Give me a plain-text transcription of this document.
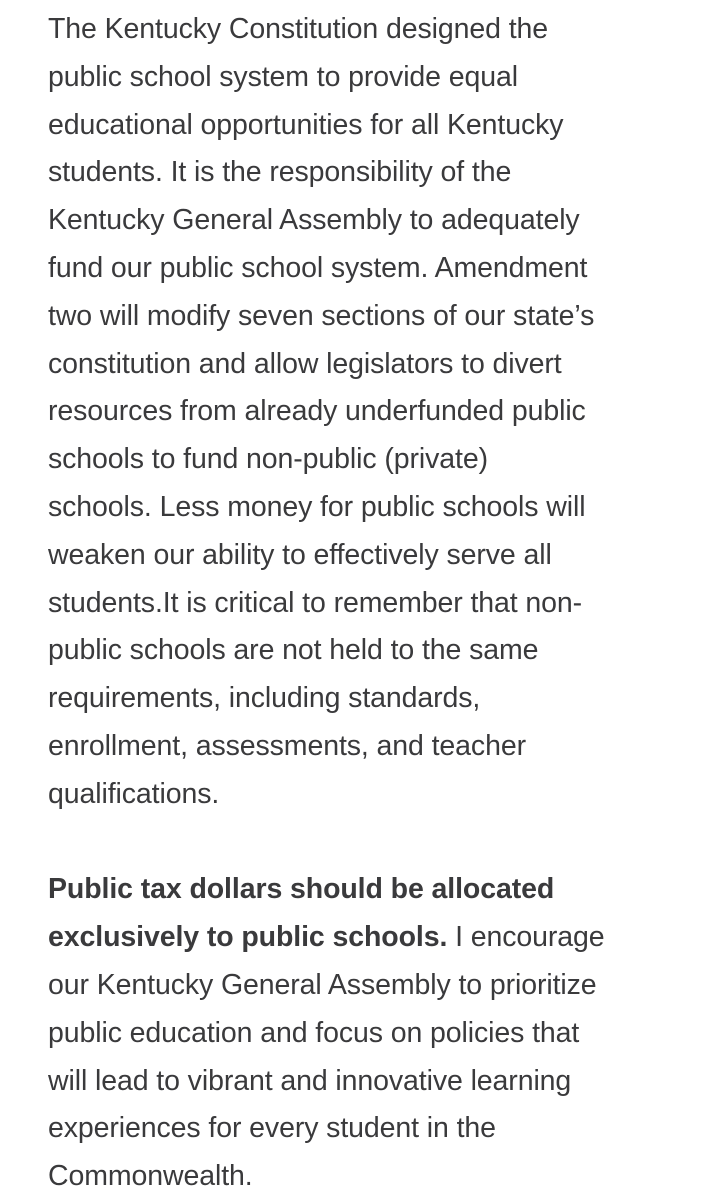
The Kentucky Constitution designed the
public school system to provide equal
educational opportunities for all Kentucky
students. It is the responsibility of the
Kentucky General Assembly to adequately
fund our public school system. Amendment
two will modify seven sections of our state’s
constitution and allow legislators to divert
resources from already underfunded public
schools to fund non-public (private)
schools. Less money for public schools will
weaken our ability to effectively serve all
students.It is critical to remember that non-
public schools are not held to the same
requirements, including standards,
enrollment, assessments, and teacher
qualifications.
Public tax dollars should be allocated
exclusively to public schools. I encourage
our Kentucky General Assembly to prioritize
public education and focus on policies that
will lead to vibrant and innovative learning
experiences for every student in the
Commonwealth.
